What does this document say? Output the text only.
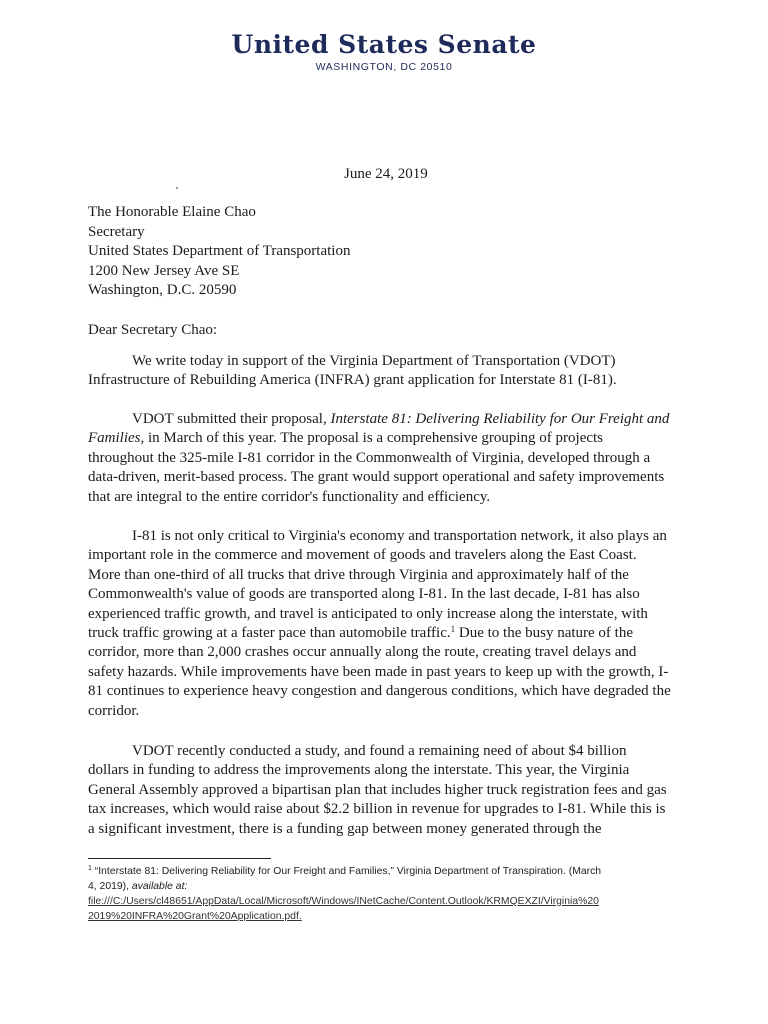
United States Senate
WASHINGTON, DC 20510
June 24, 2019
The Honorable Elaine Chao
Secretary
United States Department of Transportation
1200 New Jersey Ave SE
Washington, D.C. 20590
Dear Secretary Chao:
We write today in support of the Virginia Department of Transportation (VDOT)
Infrastructure of Rebuilding America (INFRA) grant application for Interstate 81 (I-81).
VDOT submitted their proposal, Interstate 81: Delivering Reliability for Our Freight and
Families, in March of this year. The proposal is a comprehensive grouping of projects
throughout the 325-mile I-81 corridor in the Commonwealth of Virginia, developed through a
data-driven, merit-based process. The grant would support operational and safety improvements
that are integral to the entire corridor's functionality and efficiency.
I-81 is not only critical to Virginia's economy and transportation network, it also plays an
important role in the commerce and movement of goods and travelers along the East Coast.
More than one-third of all trucks that drive through Virginia and approximately half of the
Commonwealth's value of goods are transported along I-81. In the last decade, I-81 has also
experienced traffic growth, and travel is anticipated to only increase along the interstate, with
truck traffic growing at a faster pace than automobile traffic.$^1$ Due to the busy nature of the
corridor, more than 2,000 crashes occur annually along the route, creating travel delays and
safety hazards. While improvements have been made in past years to keep up with the growth, I-
81 continues to experience heavy congestion and dangerous conditions, which have degraded the
corridor.
VDOT recently conducted a study, and found a remaining need of about $4 billion
dollars in funding to address the improvements along the interstate. This year, the Virginia
General Assembly approved a bipartisan plan that includes higher truck registration fees and gas
tax increases, which would raise about $2.2 billion in revenue for upgrades to I-81. While this is
a significant investment, there is a funding gap between money generated through the
$^1$ “Interstate 81: Delivering Reliability for Our Freight and Families,” Virginia Department of Transpiration. (March
4, 2019), available at:
file:///C:/Users/cl48651/AppData/Local/Microsoft/Windows/INetCache/Content.Outlook/KRMQEXZI/Virginia%20
2019%20INFRA%20Grant%20Application.pdf.
